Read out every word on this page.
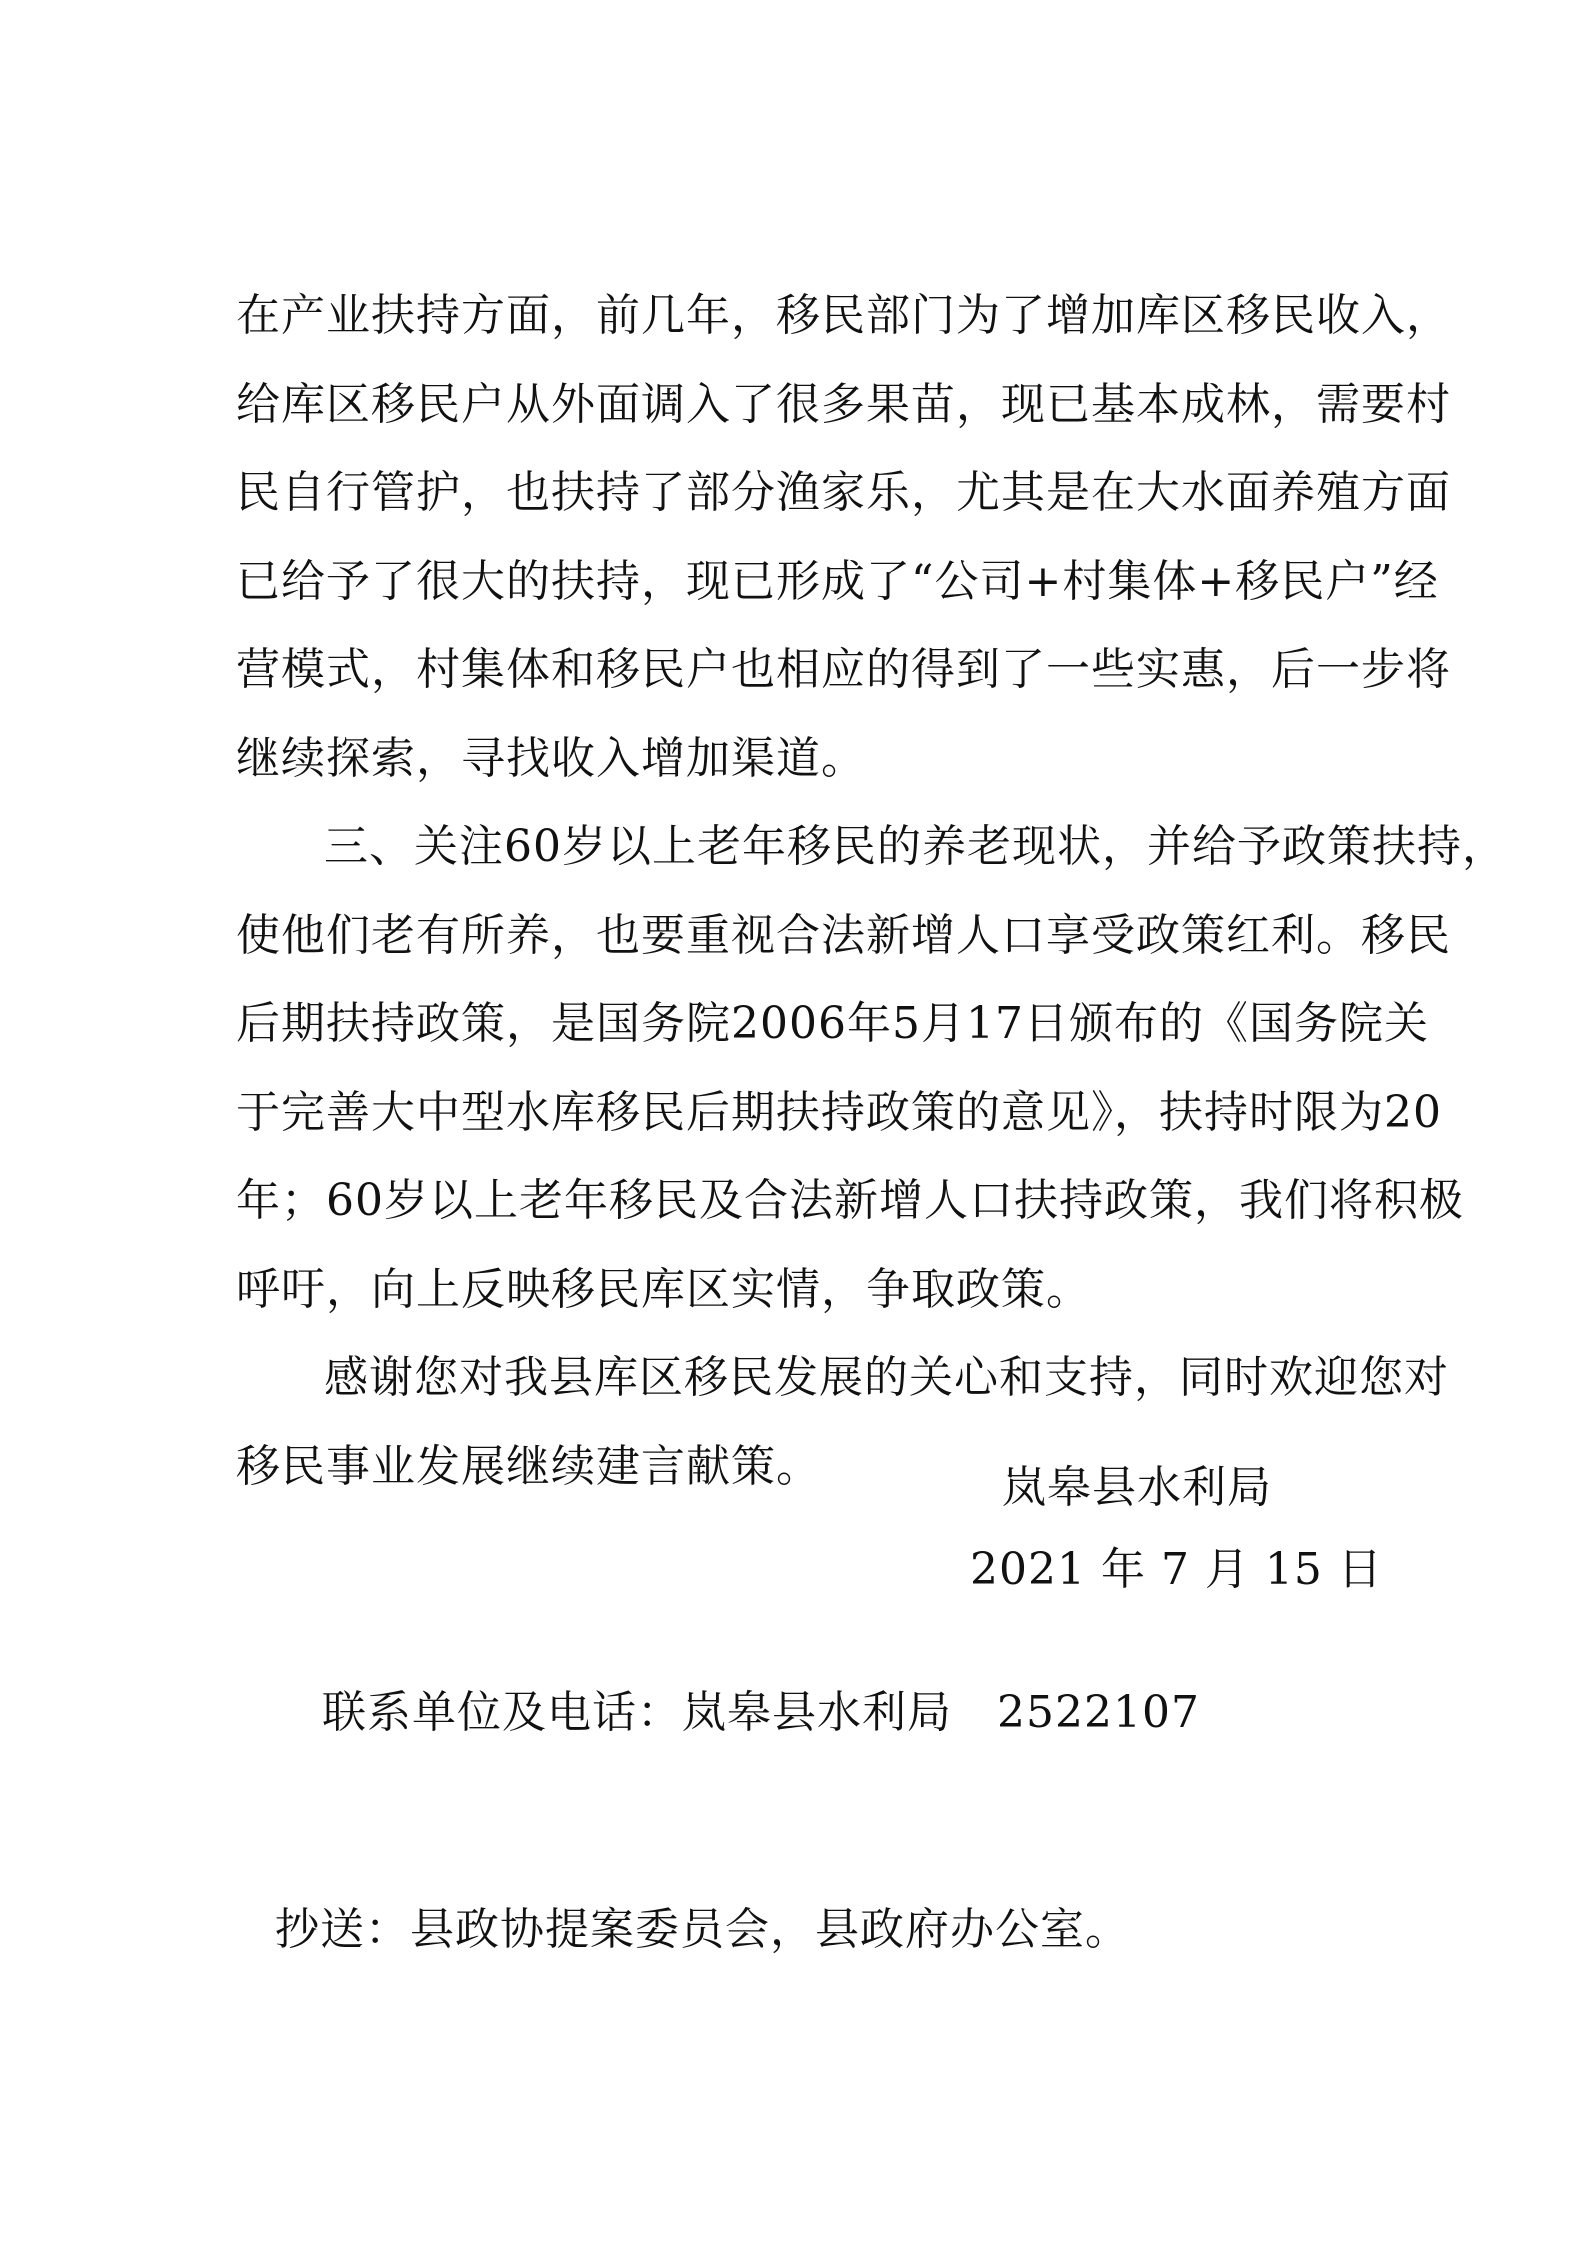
在产业扶持方面，前几年，移民部门为了增加库区移民收入，
给库区移民户从外面调入了很多果苗，现已基本成林，需要村
民自行管护，也扶持了部分渔家乐，尤其是在大水面养殖方面
已给予了很大的扶持，现已形成了“公司+村集体+移民户”经
营模式，村集体和移民户也相应的得到了一些实惠，后一步将
继续探索，寻找收入增加渠道。
三、关注60岁以上老年移民的养老现状，并给予政策扶持，
使他们老有所养，也要重视合法新增人口享受政策红利。移民
后期扶持政策，是国务院2006年5月17日颁布的《国务院关
于完善大中型水库移民后期扶持政策的意见》，扶持时限为20
年；60岁以上老年移民及合法新增人口扶持政策，我们将积极
呼吁，向上反映移民库区实情，争取政策。
感谢您对我县库区移民发展的关心和支持，同时欢迎您对
移民事业发展继续建言献策。	岚皋县水利局
2021 年 7 月 15 日
联系单位及电话：岚皋县水利局　2522107
抄送：县政协提案委员会，县政府办公室。
